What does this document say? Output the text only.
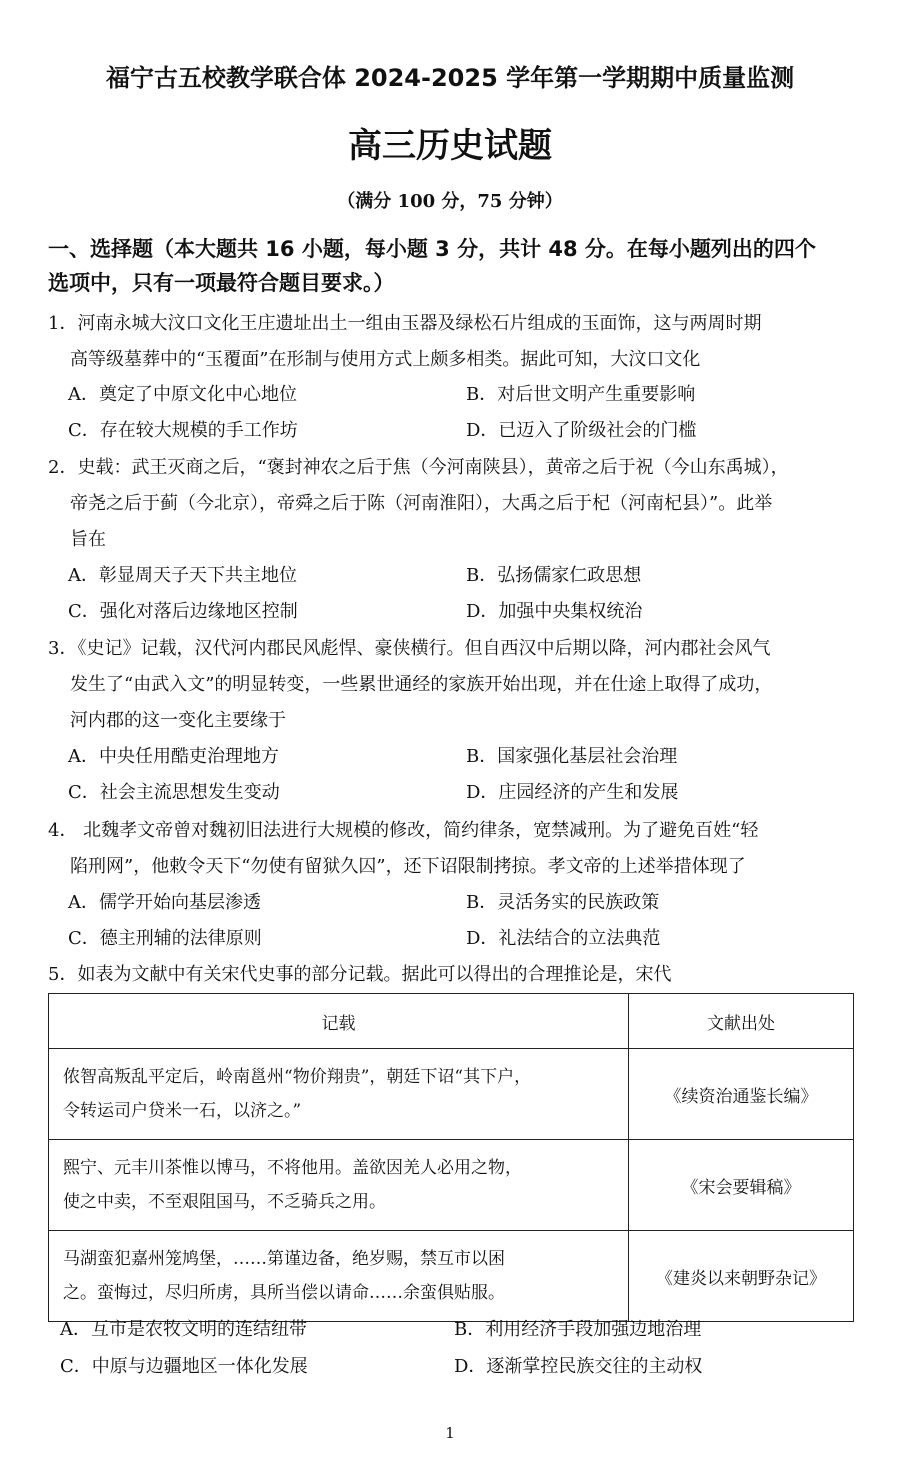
福宁古五校教学联合体 2024-2025 学年第一学期期中质量监测
高三历史试题
（满分 100 分，75 分钟）
一、选择题（本大题共 16 小题，每小题 3 分，共计 48 分。在每小题列出的四个
选项中，只有一项最符合题目要求。）
1．河南永城大汶口文化王庄遗址出土一组由玉器及绿松石片组成的玉面饰，这与两周时期
高等级墓葬中的“玉覆面”在形制与使用方式上颇多相类。据此可知，大汶口文化
A．奠定了中原文化中心地位	B．对后世文明产生重要影响
C．存在较大规模的手工作坊	D．已迈入了阶级社会的门槛
2．史载：武王灭商之后，“褒封神农之后于焦（今河南陕县），黄帝之后于祝（今山东禹城），
帝尧之后于蓟（今北京），帝舜之后于陈（河南淮阳），大禹之后于杞（河南杞县）”。此举
旨在
A．彰显周天子天下共主地位	B．弘扬儒家仁政思想
C．强化对落后边缘地区控制	D．加强中央集权统治
3．《史记》记载，汉代河内郡民风彪悍、豪侠横行。但自西汉中后期以降，河内郡社会风气
发生了“由武入文”的明显转变，一些累世通经的家族开始出现，并在仕途上取得了成功，
河内郡的这一变化主要缘于
A．中央任用酷吏治理地方	B．国家强化基层社会治理
C．社会主流思想发生变动	D．庄园经济的产生和发展
4． 北魏孝文帝曾对魏初旧法进行大规模的修改，简约律条，宽禁减刑。为了避免百姓“轻
陷刑网”，他敕令天下“勿使有留狱久囚”，还下诏限制拷掠。孝文帝的上述举措体现了
A．儒学开始向基层渗透	B．灵活务实的民族政策
C．德主刑辅的法律原则	D．礼法结合的立法典范
5．如表为文献中有关宋代史事的部分记载。据此可以得出的合理推论是，宋代
记载	文献出处

侬智高叛乱平定后，岭南邕州“物价翔贵”，朝廷下诏“其下户，
令转运司户贷米一石，以济之。”	《续资治通鉴长编》

熙宁、元丰川茶惟以博马，不将他用。盖欲因羌人必用之物，
使之中卖，不至艰阻国马，不乏骑兵之用。	《宋会要辑稿》

马湖蛮犯嘉州笼鸠堡，……第谨边备，绝岁赐，禁互市以困
之。蛮悔过，尽归所虏，具所当偿以请命……余蛮俱贴服。	《建炎以来朝野杂记》
A．互市是农牧文明的连结纽带	B．利用经济手段加强边地治理
C．中原与边疆地区一体化发展	D．逐渐掌控民族交往的主动权
1
